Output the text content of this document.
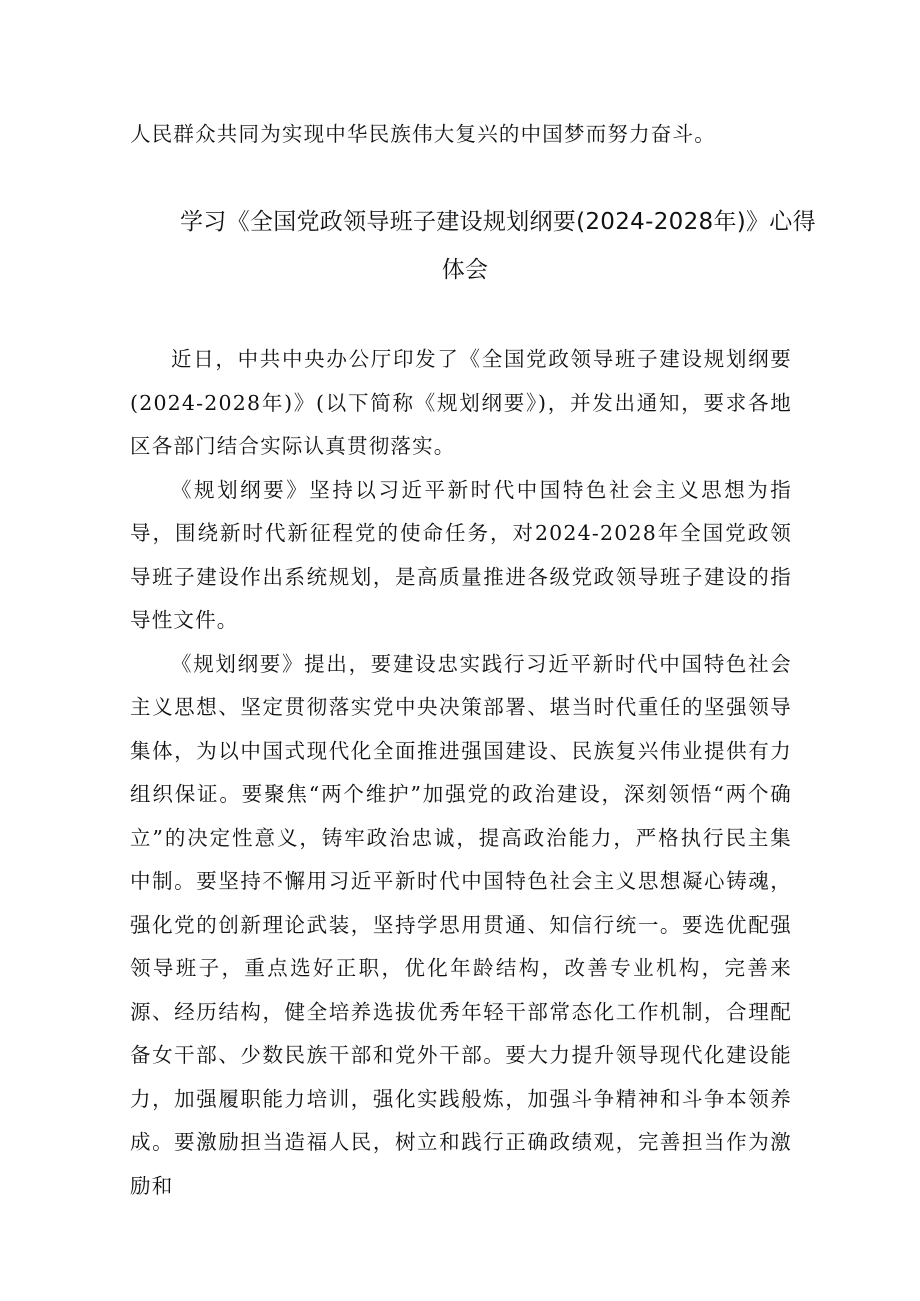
人民群众共同为实现中华民族伟大复兴的中国梦而努力奋斗。

学习《全国党政领导班子建设规划纲要(2024-2028年)》心得
体会

近日，中共中央办公厅印发了《全国党政领导班子建设规划纲要(2024-2028年)》(以下简称《规划纲要》)，并发出通知，要求各地区各部门结合实际认真贯彻落实。

《规划纲要》坚持以习近平新时代中国特色社会主义思想为指导，围绕新时代新征程党的使命任务，对2024-2028年全国党政领导班子建设作出系统规划，是高质量推进各级党政领导班子建设的指导性文件。

《规划纲要》提出，要建设忠实践行习近平新时代中国特色社会主义思想、坚定贯彻落实党中央决策部署、堪当时代重任的坚强领导集体，为以中国式现代化全面推进强国建设、民族复兴伟业提供有力组织保证。要聚焦“两个维护”加强党的政治建设，深刻领悟“两个确立”的决定性意义，铸牢政治忠诚，提高政治能力，严格执行民主集中制。要坚持不懈用习近平新时代中国特色社会主义思想凝心铸魂，强化党的创新理论武装，坚持学思用贯通、知信行统一。要选优配强领导班子，重点选好正职，优化年龄结构，改善专业机构，完善来源、经历结构，健全培养选拔优秀年轻干部常态化工作机制，合理配备女干部、少数民族干部和党外干部。要大力提升领导现代化建设能力，加强履职能力培训，强化实践般炼，加强斗争精神和斗争本领养成。要激励担当造福人民，树立和践行正确政绩观，完善担当作为激励和
